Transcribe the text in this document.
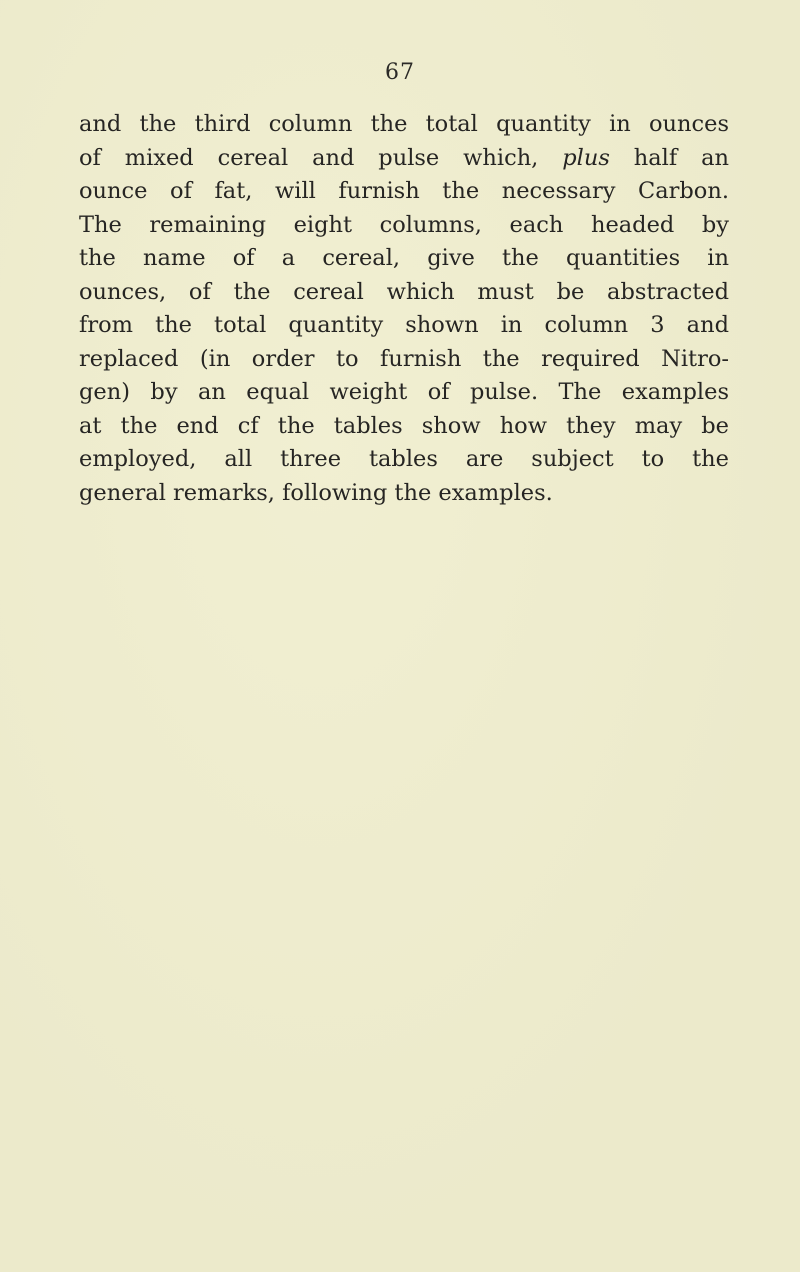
67
and the third column the total quantity in ounces
of mixed cereal and pulse which, plus half an
ounce of fat, will furnish the necessary Carbon.
The remaining eight columns, each headed by
the name of a cereal, give the quantities in
ounces, of the cereal which must be abstracted
from the total quantity shown in column 3 and
replaced (in order to furnish the required Nitro-
gen) by an equal weight of pulse. The examples
at the end cf the tables show how they may be
employed, all three tables are subject to the
general remarks, following the examples.
